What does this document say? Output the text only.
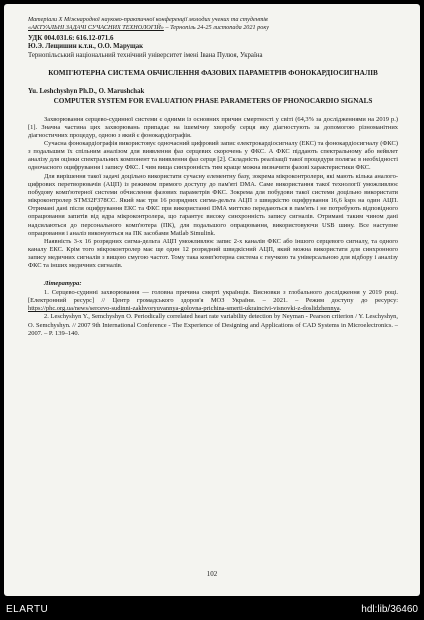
Матеріали Х Міжнародної науково-практичної конференції молодих учених та студентів
«АКТУАЛЬНІ ЗАДАЧІ СУЧАСНИХ ТЕХНОЛОГІЙ» – Тернопіль 24-25 листопада 2021 року
УДК 004.031.6: 616.12-071.6
Ю.Э. Лещишин к.т.н., О.О. Марущак
Тернопільський національний технічний університет імені Івана Пулюя, Україна
КОМП'ЮТЕРНА СИСТЕМА ОБЧИСЛЕННЯ ФАЗОВИХ ПАРАМЕТРІВ ФОНОКАРДІОСИГНАЛІВ
Yu. Leshchyshyn Ph.D., O. Marushchak
COMPUTER SYSTEM FOR EVALUATION PHASE PARAMETERS OF PHONOCARDIO SIGNALS

Захворювання серцево-судинної системи є одними із основних причин смертності у світі (64,3% за дослідженнями на 2019 р.) [1]. Значна частина цих захворювань припадає на ішемічну хворобу серця яку діагностують за допомогою різноманітних діагностичних процедур, одною з який є фонокардіографія.

Сучасна фонокардіографія використовує одночасний цифровий запис електрокардіосигналу (ЕКС) та фонокардіосигналу (ФКС) з подальшим їх спільним аналізом для виявлення фаз серцевих скорочень у ФКС. А ФКС піддають спектральному або вейвлет аналізу для оцінки спектральних компонент та виявлення фаз серця [2]. Складність реалізації такої процедури полягає в необхідності одночасного оцифрування і запису ФКС. І чим вища синхронність тим краще можна визначити фазові характеристики ФКС.

Для вирішення такої задачі доцільно використати сучасну елементну базу, зокрема мікроконтролери, які мають кілька аналого-цифрових перетворювачів (АЦП) із режимом прямого доступу до пам'яті DMA. Саме використання такої технології уможливлює побудову комп'ютерної системи обчислення фазових параметрів ФКС. Зокрема для побудови такої системи доцільно використати мікроконтролер STM32F378CC. Який має три 16 розрядних сигма-дельта АЦП з швидкістю оцифрування 16,6 ksps на один АЦП. Отримані дані після оцифрування ЕКС та ФКС при використанні DMA миттєво передаються в пам'ять і не потребують відповідного опрацювання запитів від ядра мікроконтролера, що гарантує високу синхронність запису сигналів. Отримані таким чином дані надсилаються до персонального комп'ютера (ПК), для подальшого опрацювання, використовуючи USB шину. Все наступне опрацювання і аналіз виконуються на ПК засобами Matlab Simulink.

Наявність 3-х 16 розрядних сигма-дельта АЦП уможливлює запис 2-х каналів ФКС або іншого серцевого сигналу, та одного каналу ЕКС. Крім того мікроконтролер має ще один 12 розрядний швидкісний АЦП, який можна використати для синхронного запису медичних сигналів з вищою смугою частот. Тому така комп'ютерна система є гнучкою та універсальною для відбору і аналізу ФКС та інших медичних сигналів.

Література:

1. Серцево-судинні захворювання — головна причина смерті українців. Висновки з глобального дослідження у 2019 році. [Електронний ресурс] // Центр громадського здоров'я МОЗ України. – 2021. – Режим доступу до ресурсу: https://phc.org.ua/news/sercevo-sudinni-zakhvoryuvannya-golovna-prichina-smerti-ukraincivi-visnovki-z-doslidzhennya.

2. Leschyshyn Y., Semchyshyn O. Periodically correlated heart rate variability detection by Neyman - Pearson criterion / Y. Leschyshyn, O. Semchyshyn. // 2007 9th International Conference - The Experience of Designing and Applications of CAD Systems in Microelectronics. – 2007. – P. 139–140.

102
ELARTU	hdl:lib/36460
